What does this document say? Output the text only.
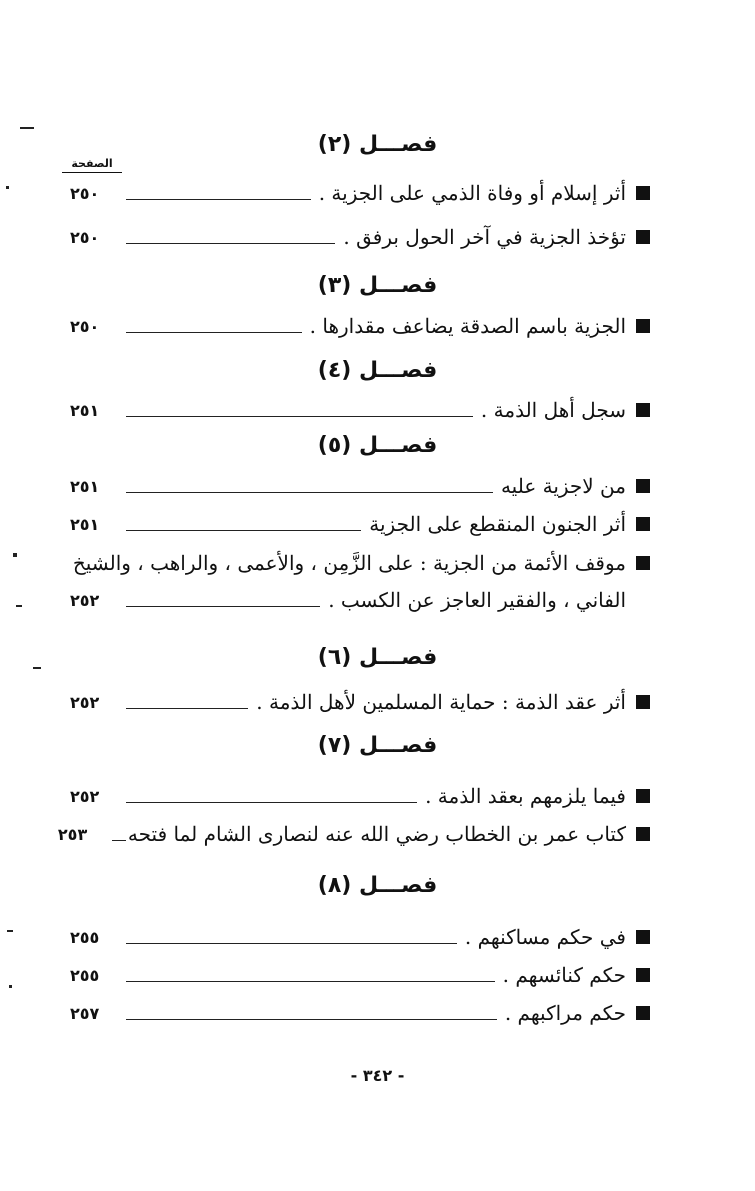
فصـــل (٢)
الصفحة
أثر إسلام أو وفاة الذمي على الجزية .
٢٥٠
تؤخذ الجزية في آخر الحول برفق .
٢٥٠
فصـــل (٣)
الجزية باسم الصدقة يضاعف مقدارها .
٢٥٠
فصـــل (٤)
سجل أهل الذمة .
٢٥١
فصـــل (٥)
من لاجزية عليه
٢٥١
أثر الجنون المنقطع على الجزية
٢٥١
موقف الأئمة من الجزية : على الزَّمِن ، والأعمى ، والراهب ، والشيخ
الفاني ، والفقير العاجز عن الكسب .
٢٥٢
فصـــل (٦)
أثر عقد الذمة : حماية المسلمين لأهل الذمة .
٢٥٢
فصـــل (٧)
فيما يلزمهم بعقد الذمة .
٢٥٢
كتاب عمر بن الخطاب رضي الله عنه لنصارى الشام لما فتحه
٢٥٣
فصـــل (٨)
في حكم مساكنهم .
٢٥٥
حكم كنائسهم .
٢٥٥
حكم مراكبهم .
٢٥٧
- ٣٤٢ -
